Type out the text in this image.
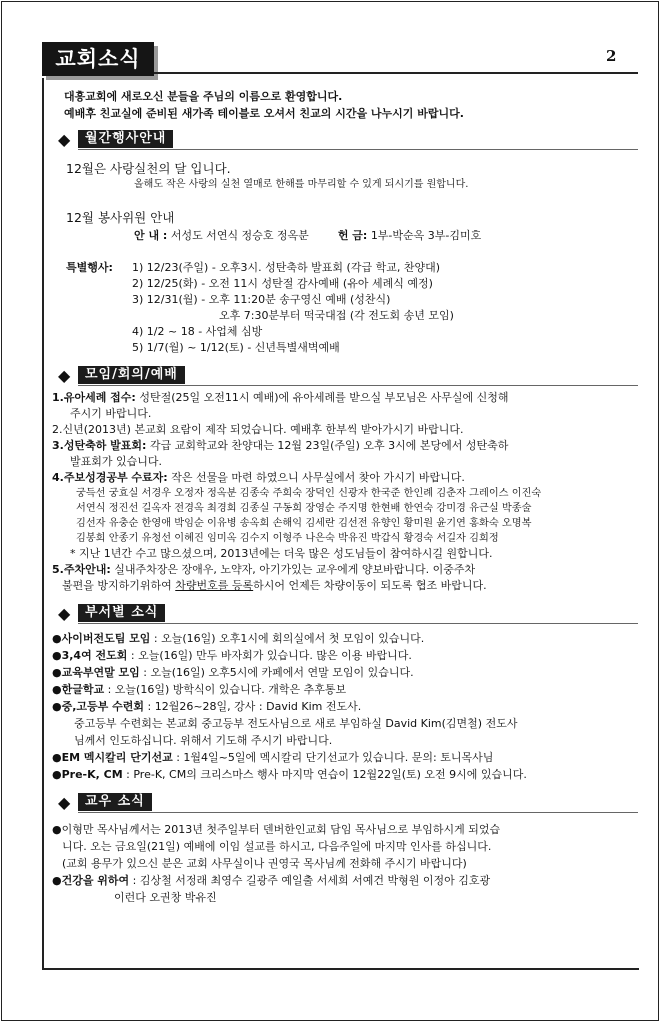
교회소식	2
대흥교회에 새로오신 분들을 주님의 이름으로 환영합니다.
예배후 친교실에 준비된 새가족 테이블로 오셔서 친교의 시간을 나누시기 바랍니다.
◆	월간행사안내
12월은 사랑실천의 달 입니다.
올해도 작은 사랑의 실천 열매로 한해를 마무리할 수 있게 되시기를 원합니다.
12월 봉사위원 안내
안 내 : 서성도 서연식 정승호 정옥분	헌 금: 1부-박순옥 3부-김미호
특별행사: 1) 12/23(주일) - 오후3시. 성탄축하 발표회 (각급 학교, 찬양대)
2) 12/25(화) - 오전 11시 성탄절 감사예배 (유아 세례식 예정)
3) 12/31(월) - 오후 11:20분 송구영신 예배 (성찬식)
오후 7:30분부터 떡국대접 (각 전도회 송년 모임)
4) 1/2 ~ 18 - 사업체 심방
5) 1/7(월) ~ 1/12(토) - 신년특별새벽예배
◆	모임/회의/예배
1.유아세례 접수: 성탄절(25일 오전11시 예배)에 유아세례를 받으실 부모님은 사무실에 신청해
주시기 바랍니다.
2.신년(2013년) 본교회 요람이 제작 되었습니다. 예배후 한부씩 받아가시기 바랍니다.
3.성탄축하 발표회: 각급 교회학교와 찬양대는 12월 23일(주일) 오후 3시에 본당에서 성탄축하
발표회가 있습니다.
4.주보성경공부 수료자: 작은 선물을 마련 하였으니 사무실에서 찾아 가시기 바랍니다.
궁득선 궁효실 서경우 오정자 정옥분 김종숙 주희숙 장덕인 신광자 한국준 한인례 김춘자 그레이스 이진숙
서연식 정진선 길옥자 전경옥 최경희 김종실 구동희 장영순 주지명 한현배 한연숙 강미경 유근실 박종술
김선자 유충순 한영애 박임순 이유병 송옥희 손해익 김세란 김선전 유향인 황미원 윤기연 홍화숙 오명복
김봉희 안종기 유청선 이혜진 임미옥 김수지 이형주 나은숙 박유진 박갑식 황경숙 서길자 김희정
* 지난 1년간 수고 많으셨으며, 2013년에는 더욱 많은 성도님들이 참여하시길 원합니다.
5.주차안내: 실내주차장은 장애우, 노약자, 아기가있는 교우에게 양보바랍니다. 이중주차
불편을 방지하기위하여 차량번호를 등록하시어 언제든 차량이동이 되도록 협조 바랍니다.
◆	부서별 소식
●사이버전도팀 모임 : 오늘(16일) 오후1시에 회의실에서 첫 모임이 있습니다.
●3,4여 전도회 : 오늘(16일) 만두 바자회가 있습니다. 많은 이용 바랍니다.
●교육부연말 모임 : 오늘(16일) 오후5시에 카페에서 연말 모임이 있습니다.
●한글학교 : 오늘(16일) 방학식이 있습니다. 개학은 추후통보
●중,고등부 수련회 : 12월26~28일, 강사 : David Kim 전도사.
중고등부 수련회는 본교회 중고등부 전도사님으로 새로 부임하실 David Kim(김면철) 전도사
님께서 인도하십니다. 위해서 기도해 주시기 바랍니다.
●EM 멕시칼리 단기선교 : 1월4일~5일에 멕시칼리 단기선교가 있습니다. 문의: 토니목사님
●Pre-K, CM : Pre-K, CM의 크리스마스 행사 마지막 연습이 12월22일(토) 오전 9시에 있습니다.
◆	교우 소식
●이형만 목사님께서는 2013년 첫주일부터 덴버한인교회 담임 목사님으로 부임하시게 되었습
니다. 오는 금요일(21일) 예배에 이임 설교를 하시고, 다음주일에 마지막 인사를 하십니다.
(교회 용무가 있으신 분은 교회 사무실이나 권영국 목사님께 전화해 주시기 바랍니다)
●건강을 위하여 : 김상철 서정래 최영수 길광주 예일출 서세희 서예건 박형원 이정아 김호광
이런다 오권창 박유진
